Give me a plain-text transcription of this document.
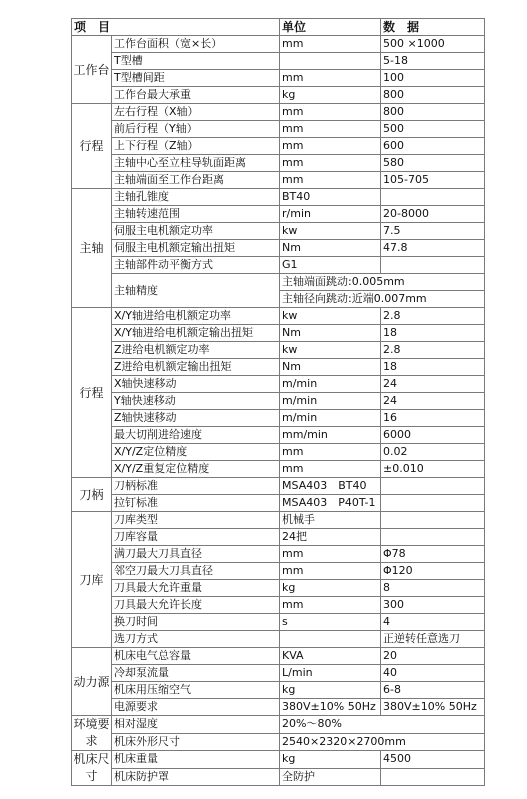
项　目		单位	数　据
工作台	工作台面积（宽×长）	mm	500 ×1000
	T型槽		5-18
	T型槽间距	mm	100
	工作台最大承重	kg	800
行程	左右行程（X轴）	mm	800
	前后行程（Y轴）	mm	500
	上下行程（Z轴）	mm	600
	主轴中心至立柱导轨面距离	mm	580
	主轴端面至工作台距离	mm	105-705
主轴	主轴孔锥度	BT40	
	主轴转速范围	r/min	20-8000
	伺服主电机额定功率	kw	7.5
	伺服主电机额定输出扭矩	Nm	47.8
	主轴部件动平衡方式	G1	
	主轴精度	主轴端面跳动:0.005mm	
		主轴径向跳动:近端0.007mm	
行程	X/Y轴进给电机额定功率	kw	2.8
	X/Y轴进给电机额定输出扭矩	Nm	18
	Z进给电机额定功率	kw	2.8
	Z进给电机额定输出扭矩	Nm	18
	X轴快速移动	m/min	24
	Y轴快速移动	m/min	24
	Z轴快速移动	m/min	16
	最大切削进给速度	mm/min	6000
	X/Y/Z定位精度	mm	0.02
	X/Y/Z重复定位精度	mm	±0.010
刀柄	刀柄标准	MSA403　BT40	
	拉钉标准	MSA403　P40T-1	
刀库	刀库类型	机械手	
	刀库容量	24把	
	满刀最大刀具直径	mm	Φ78
	邻空刀最大刀具直径	mm	Φ120
	刀具最大允许重量	kg	8
	刀具最大允许长度	mm	300
	换刀时间	s	4
	选刀方式		正逆转任意选刀
动力源	机床电气总容量	KVA	20
	冷却泵流量	L/min	40
	机床用压缩空气	kg	6-8
	电源要求	380V±10% 50Hz	380V±10% 50Hz
环境要求	相对湿度	20%～80%	
	机床外形尺寸	2540×2320×2700mm	
机床尺寸	机床重量	kg	4500
	机床防护罩	全防护	
